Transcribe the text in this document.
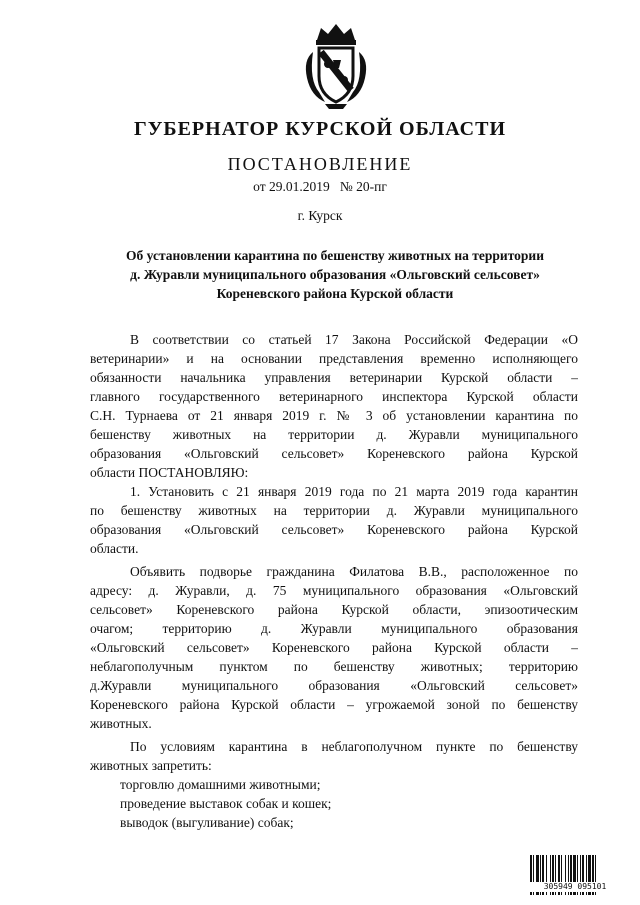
ГУБЕРНАТОР КУРСКОЙ ОБЛАСТИ
ПОСТАНОВЛЕНИЕ
от 29.01.2019   № 20-пг
г. Курск
Об установлении карантина по бешенству животных на территории
д. Журавли муниципального образования «Ольговский сельсовет»
Кореневского района Курской области
В соответствии со статьей 17 Закона Российской Федерации «О
ветеринарии» и на основании представления временно исполняющего
обязанности начальника управления ветеринарии Курской области –
главного государственного ветеринарного инспектора Курской области
С.Н. Турнаева от 21 января 2019 г. № 3 об установлении карантина по
бешенству животных на территории д. Журавли муниципального
образования «Ольговский сельсовет» Кореневского района Курской
области ПОСТАНОВЛЯЮ:
1. Установить с 21 января 2019 года по 21 марта 2019 года карантин
по бешенству животных на территории д. Журавли муниципального
образования «Ольговский сельсовет» Кореневского района Курской
области.
Объявить подворье гражданина Филатова В.В., расположенное по
адресу: д. Журавли, д. 75 муниципального образования «Ольговский
сельсовет» Кореневского района Курской области, эпизоотическим
очагом; территорию д. Журавли муниципального образования
«Ольговский сельсовет» Кореневского района Курской области –
неблагополучным пунктом по бешенству животных; территорию
д.Журавли муниципального образования «Ольговский сельсовет»
Кореневского района Курской области – угрожаемой зоной по бешенству
животных.
По условиям карантина в неблагополучном пункте по бешенству
животных запретить:
торговлю домашними животными;
проведение выставок собак и кошек;
выводок (выгуливание) собак;
305949 095101
